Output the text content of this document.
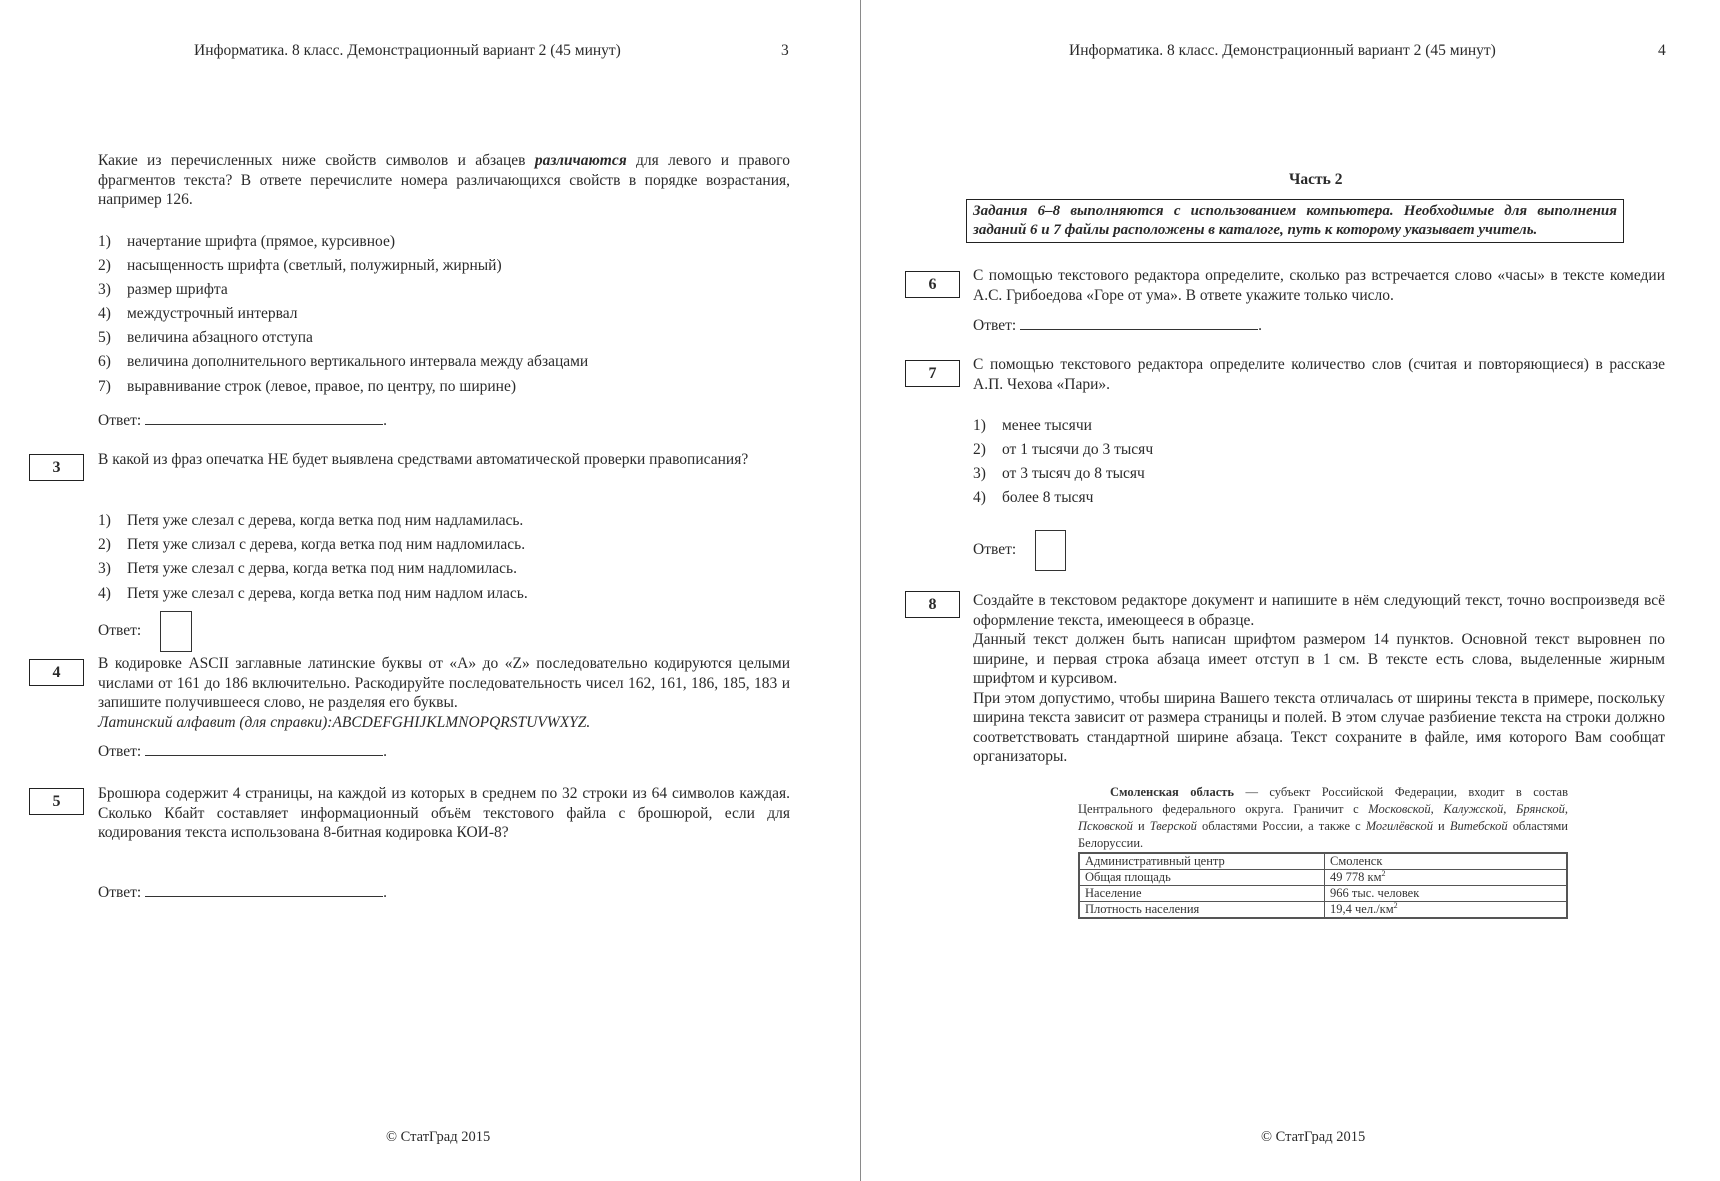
Информатика. 8 класс. Демонстрационный вариант 2 (45 минут)	3
Какие из перечисленных ниже свойств символов и абзацев различаются для левого и правого фрагментов текста? В ответе перечислите номера различающихся свойств в порядке возрастания, например 126.
1) начертание шрифта (прямое, курсивное)
2) насыщенность шрифта (светлый, полужирный, жирный)
3) размер шрифта
4) междустрочный интервал
5) величина абзацного отступа
6) величина дополнительного вертикального интервала между абзацами
7) выравнивание строк (левое, правое, по центру, по ширине)
Ответ:	.
3	В какой из фраз опечатка НЕ будет выявлена средствами автоматической проверки правописания?
1) Петя уже слезал с дерева, когда ветка под ним надламилась.
2) Петя уже слизал с дерева, когда ветка под ним надломилась.
3) Петя уже слезал с дерва, когда ветка под ним надломилась.
4) Петя уже слезал с дерева, когда ветка под ним надлом илась.
Ответ:
4
В кодировке ASCII заглавные латинские буквы от «A» до «Z» последовательно кодируются целыми числами от 161 до 186 включительно. Раскодируйте последовательность чисел 162, 161, 186, 185, 183 и запишите получившееся слово, не разделяя его буквы.
Латинский алфавит (для справки):ABCDEFGHIJKLMNOPQRSTUVWXYZ.
Ответ:	.
5	Брошюра содержит 4 страницы, на каждой из которых в среднем по 32 строки из 64 символов каждая. Сколько Кбайт составляет информационный объём текстового файла с брошюрой, если для кодирования текста использована 8-битная кодировка КОИ-8?
Ответ:	.
© СтатГрад 2015
Информатика. 8 класс. Демонстрационный вариант 2 (45 минут)	4
Часть 2
Задания 6–8 выполняются с использованием компьютера. Необходимые для выполнения заданий 6 и 7 файлы расположены в каталоге, путь к которому указывает учитель.
6
С помощью текстового редактора определите, сколько раз встречается слово «часы» в тексте комедии А.С. Грибоедова «Горе от ума». В ответе укажите только число.
Ответ:	.
7
С помощью текстового редактора определите количество слов (считая и повторяющиеся) в рассказе А.П. Чехова «Пари».
1) менее тысячи
2) от 1 тысячи до 3 тысяч
3) от 3 тысяч до 8 тысяч
4) более 8 тысяч
Ответ:
8	Создайте в текстовом редакторе документ и напишите в нём следующий текст, точно воспроизведя всё оформление текста, имеющееся в образце.
Данный текст должен быть написан шрифтом размером 14 пунктов. Основной текст выровнен по ширине, и первая строка абзаца имеет отступ в 1 см. В тексте есть слова, выделенные жирным шрифтом и курсивом.
При этом допустимо, чтобы ширина Вашего текста отличалась от ширины текста в примере, поскольку ширина текста зависит от размера страницы и полей. В этом случае разбиение текста на строки должно соответствовать стандартной ширине абзаца. Текст сохраните в файле, имя которого Вам сообщат организаторы.

Смоленская область — субъект Российской Федерации, входит в состав Центрального федерального округа. Граничит с Московской, Калужской, Брянской, Псковской и Тверской областями России, а также с Могилёвской и Витебской областями Белоруссии.

Административный центр	Смоленск
Общая площадь	49 778 $км^2$
Население	966 тыс. человек
Плотность населения	19,4 $чел./км^2$
© СтатГрад 2015
